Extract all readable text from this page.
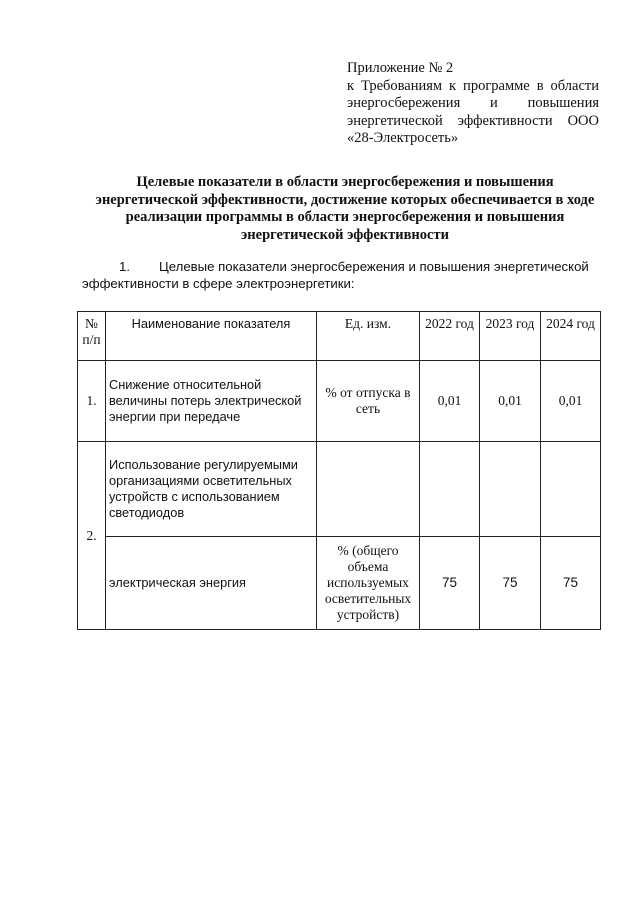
Приложение № 2
к Требованиям к программе в области
энергосбережения и повышения
энергетической эффективности ООО
«28-Электросеть»
Целевые показатели в области энергосбережения и повышения энергетической эффективности, достижение которых обеспечивается в ходе реализации программы в области энергосбережения и повышения энергетической эффективности
1. Целевые показатели энергосбережения и повышения энергетической эффективности в сфере электроэнергетики:
№ п/п	Наименование показателя	Ед. изм.	2022 год	2023 год	2024 год
1.	Снижение относительной величины потерь электрической энергии при передаче	% от отпуска в сеть	0,01	0,01	0,01
2.	Использование регулируемыми организациями осветительных устройств с использованием светодиодов				
	электрическая энергия	% (общего объема используемых осветительных устройств)	75	75	75
